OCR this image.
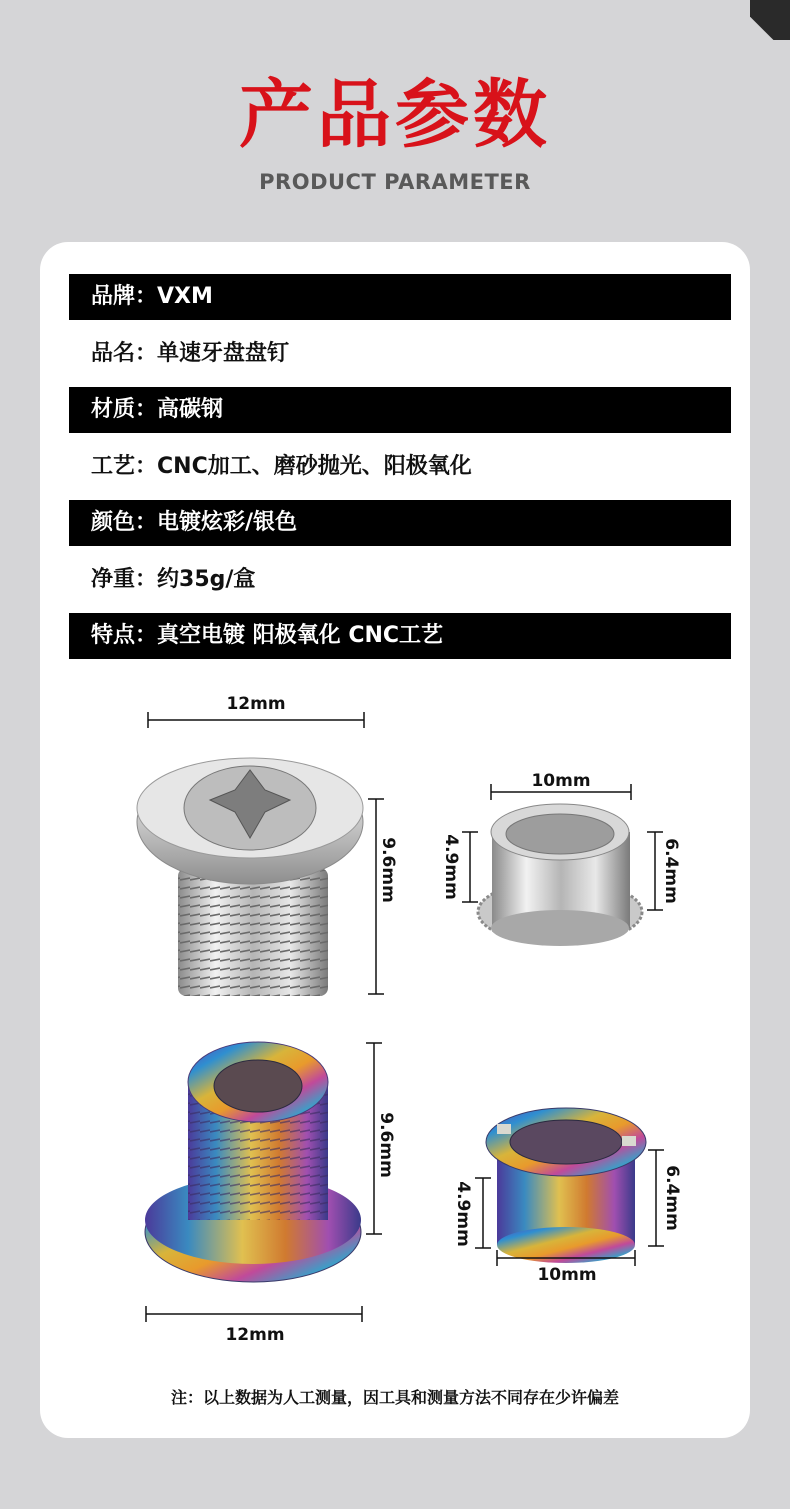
产品参数
PRODUCT PARAMETER
品牌：VXM
品名：单速牙盘盘钉
材质：高碳钢
工艺：CNC加工、磨砂抛光、阳极氧化
颜色：电镀炫彩/银色
净重：约35g/盒
特点：真空电镀 阳极氧化 CNC工艺
12mm
9.6mm
10mm
4.9mm	6.4mm
9.6mm
12mm
4.9mm	6.4mm
10mm
注：以上数据为人工测量，因工具和测量方法不同存在少许偏差
